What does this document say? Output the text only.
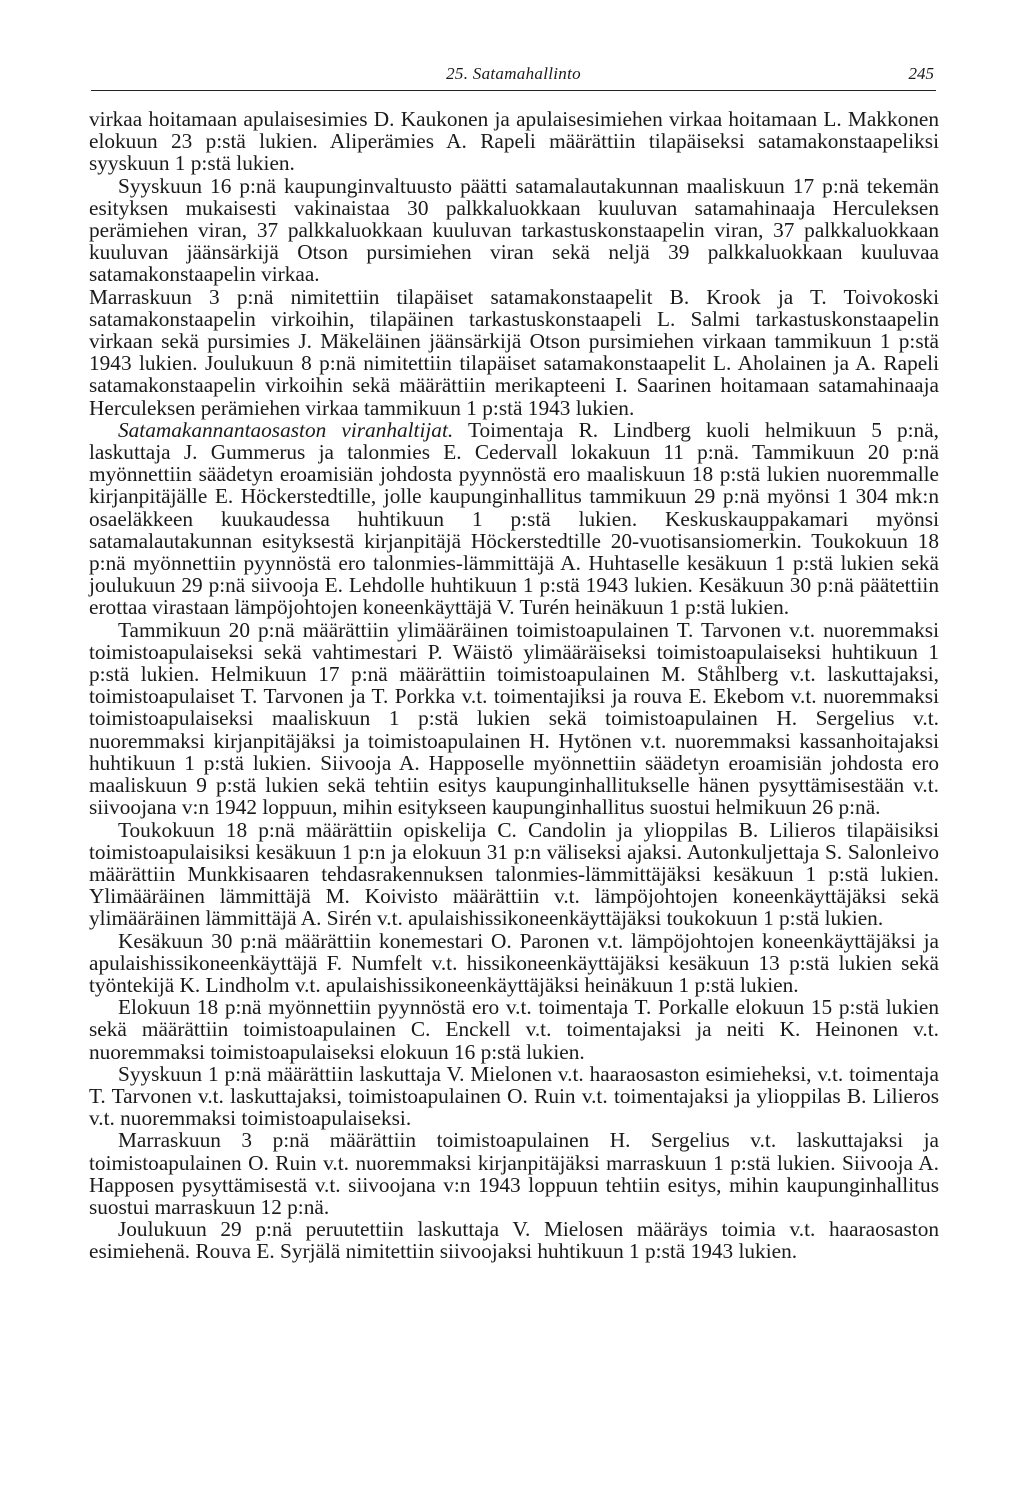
25. Satamahallinto	245

virkaa hoitamaan apulaisesimies D. Kaukonen ja apulaisesimiehen virkaa hoitamaan L. Makkonen elokuun 23 p:stä lukien. Aliperämies A. Rapeli määrättiin tilapäiseksi satamakonstaapeliksi syyskuun 1 p:stä lukien.

Syyskuun 16 p:nä kaupunginvaltuusto päätti satamalautakunnan maaliskuun 17 p:nä tekemän esityksen mukaisesti vakinaistaa 30 palkkaluokkaan kuuluvan satamahinaaja Herculeksen perämiehen viran, 37 palkkaluokkaan kuuluvan tarkastuskonstaapelin viran, 37 palkkaluokkaan kuuluvan jäänsärkijä Otson pursimiehen viran sekä neljä 39 palkkaluokkaan kuuluvaa satamakonstaapelin virkaa.

Marraskuun 3 p:nä nimitettiin tilapäiset satamakonstaapelit B. Krook ja T. Toivokoski satamakonstaapelin virkoihin, tilapäinen tarkastuskonstaapeli L. Salmi tarkastuskonstaapelin virkaan sekä pursimies J. Mäkeläinen jäänsärkijä Otson pursimiehen virkaan tammikuun 1 p:stä 1943 lukien. Joulukuun 8 p:nä nimitettiin tilapäiset satamakonstaapelit L. Aholainen ja A. Rapeli satamakonstaapelin virkoihin sekä määrättiin merikapteeni I. Saarinen hoitamaan satamahinaaja Herculeksen perämiehen virkaa tammikuun 1 p:stä 1943 lukien.

Satamakannantaosaston viranhaltijat. Toimentaja R. Lindberg kuoli helmikuun 5 p:nä, laskuttaja J. Gummerus ja talonmies E. Cedervall lokakuun 11 p:nä. Tammikuun 20 p:nä myönnettiin säädetyn eroamisiän johdosta pyynnöstä ero maaliskuun 18 p:stä lukien nuoremmalle kirjanpitäjälle E. Höckerstedtille, jolle kaupunginhallitus tammikuun 29 p:nä myönsi 1 304 mk:n osaeläkkeen kuukaudessa huhtikuun 1 p:stä lukien. Keskuskauppakamari myönsi satamalautakunnan esityksestä kirjanpitäjä Höckerstedtille 20-vuotisansiomerkin. Toukokuun 18 p:nä myönnettiin pyynnöstä ero talonmies-lämmittäjä A. Huhtaselle kesäkuun 1 p:stä lukien sekä joulukuun 29 p:nä siivooja E. Lehdolle huhtikuun 1 p:stä 1943 lukien. Kesäkuun 30 p:nä päätettiin erottaa virastaan lämpöjohtojen koneenkäyttäjä V. Turén heinäkuun 1 p:stä lukien.

Tammikuun 20 p:nä määrättiin ylimääräinen toimistoapulainen T. Tarvonen v.t. nuoremmaksi toimistoapulaiseksi sekä vahtimestari P. Wäistö ylimääräiseksi toimistoapulaiseksi huhtikuun 1 p:stä lukien. Helmikuun 17 p:nä määrättiin toimistoapulainen M. Ståhlberg v.t. laskuttajaksi, toimistoapulaiset T. Tarvonen ja T. Porkka v.t. toimentajiksi ja rouva E. Ekebom v.t. nuoremmaksi toimistoapulaiseksi maaliskuun 1 p:stä lukien sekä toimistoapulainen H. Sergelius v.t. nuoremmaksi kirjanpitäjäksi ja toimistoapulainen H. Hytönen v.t. nuoremmaksi kassanhoitajaksi huhtikuun 1 p:stä lukien. Siivooja A. Happoselle myönnettiin säädetyn eroamisiän johdosta ero maaliskuun 9 p:stä lukien sekä tehtiin esitys kaupunginhallitukselle hänen pysyttämisestään v.t. siivoojana v:n 1942 loppuun, mihin esitykseen kaupunginhallitus suostui helmikuun 26 p:nä.

Toukokuun 18 p:nä määrättiin opiskelija C. Candolin ja ylioppilas B. Lilieros tilapäisiksi toimistoapulaisiksi kesäkuun 1 p:n ja elokuun 31 p:n väliseksi ajaksi. Autonkuljettaja S. Salonleivo määrättiin Munkkisaaren tehdasrakennuksen talonmies-lämmittäjäksi kesäkuun 1 p:stä lukien. Ylimääräinen lämmittäjä M. Koivisto määrättiin v.t. lämpöjohtojen koneenkäyttäjäksi sekä ylimääräinen lämmittäjä A. Sirén v.t. apulaishissikoneenkäyttäjäksi toukokuun 1 p:stä lukien.

Kesäkuun 30 p:nä määrättiin konemestari O. Paronen v.t. lämpöjohtojen koneenkäyttäjäksi ja apulaishissikoneenkäyttäjä F. Numfelt v.t. hissikoneenkäyttäjäksi kesäkuun 13 p:stä lukien sekä työntekijä K. Lindholm v.t. apulaishissikoneenkäyttäjäksi heinäkuun 1 p:stä lukien.

Elokuun 18 p:nä myönnettiin pyynnöstä ero v.t. toimentaja T. Porkalle elokuun 15 p:stä lukien sekä määrättiin toimistoapulainen C. Enckell v.t. toimentajaksi ja neiti K. Heinonen v.t. nuoremmaksi toimistoapulaiseksi elokuun 16 p:stä lukien.

Syyskuun 1 p:nä määrättiin laskuttaja V. Mielonen v.t. haaraosaston esimieheksi, v.t. toimentaja T. Tarvonen v.t. laskuttajaksi, toimistoapulainen O. Ruin v.t. toimentajaksi ja ylioppilas B. Lilieros v.t. nuoremmaksi toimistoapulaiseksi.

Marraskuun 3 p:nä määrättiin toimistoapulainen H. Sergelius v.t. laskuttajaksi ja toimistoapulainen O. Ruin v.t. nuoremmaksi kirjanpitäjäksi marraskuun 1 p:stä lukien. Siivooja A. Happosen pysyttämisestä v.t. siivoojana v:n 1943 loppuun tehtiin esitys, mihin kaupunginhallitus suostui marraskuun 12 p:nä.

Joulukuun 29 p:nä peruutettiin laskuttaja V. Mielosen määräys toimia v.t. haaraosaston esimiehenä. Rouva E. Syrjälä nimitettiin siivoojaksi huhtikuun 1 p:stä 1943 lukien.
